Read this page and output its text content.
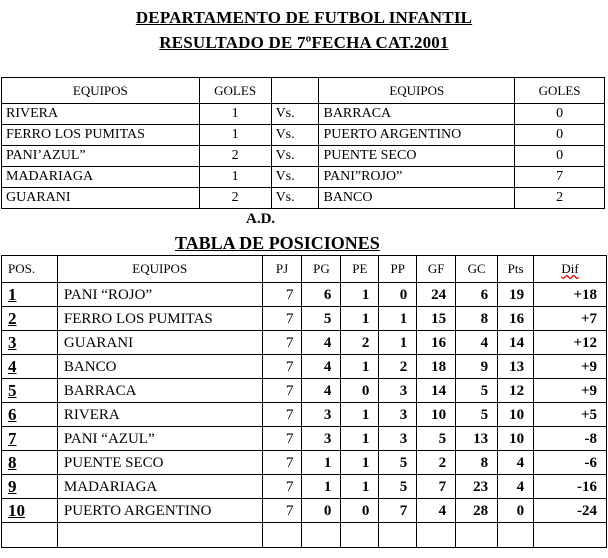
DEPARTAMENTO DE FUTBOL INFANTIL
RESULTADO DE 7ºFECHA CAT.2001
EQUIPOS	GOLES		EQUIPOS	GOLES
RIVERA	1	Vs.	BARRACA	0
FERRO LOS PUMITAS	1	Vs.	PUERTO ARGENTINO	0
PANI’AZUL”	2	Vs.	PUENTE SECO	0
MADARIAGA	1	Vs.	PANI”ROJO”	7
GUARANI	2	Vs.	BANCO	2
A.D.
TABLA DE POSICIONES
POS.	EQUIPOS	PJ	PG	PE	PP	GF	GC	Pts	Dif
1	PANI “ROJO”	7	6	1	0	24	6	19	+18
2	FERRO LOS PUMITAS	7	5	1	1	15	8	16	+7
3	GUARANI	7	4	2	1	16	4	14	+12
4	BANCO	7	4	1	2	18	9	13	+9
5	BARRACA	7	4	0	3	14	5	12	+9
6	RIVERA	7	3	1	3	10	5	10	+5
7	PANI “AZUL”	7	3	1	3	5	13	10	-8
8	PUENTE SECO	7	1	1	5	2	8	4	-6
9	MADARIAGA	7	1	1	5	7	23	4	-16
10	PUERTO ARGENTINO	7	0	0	7	4	28	0	-24
